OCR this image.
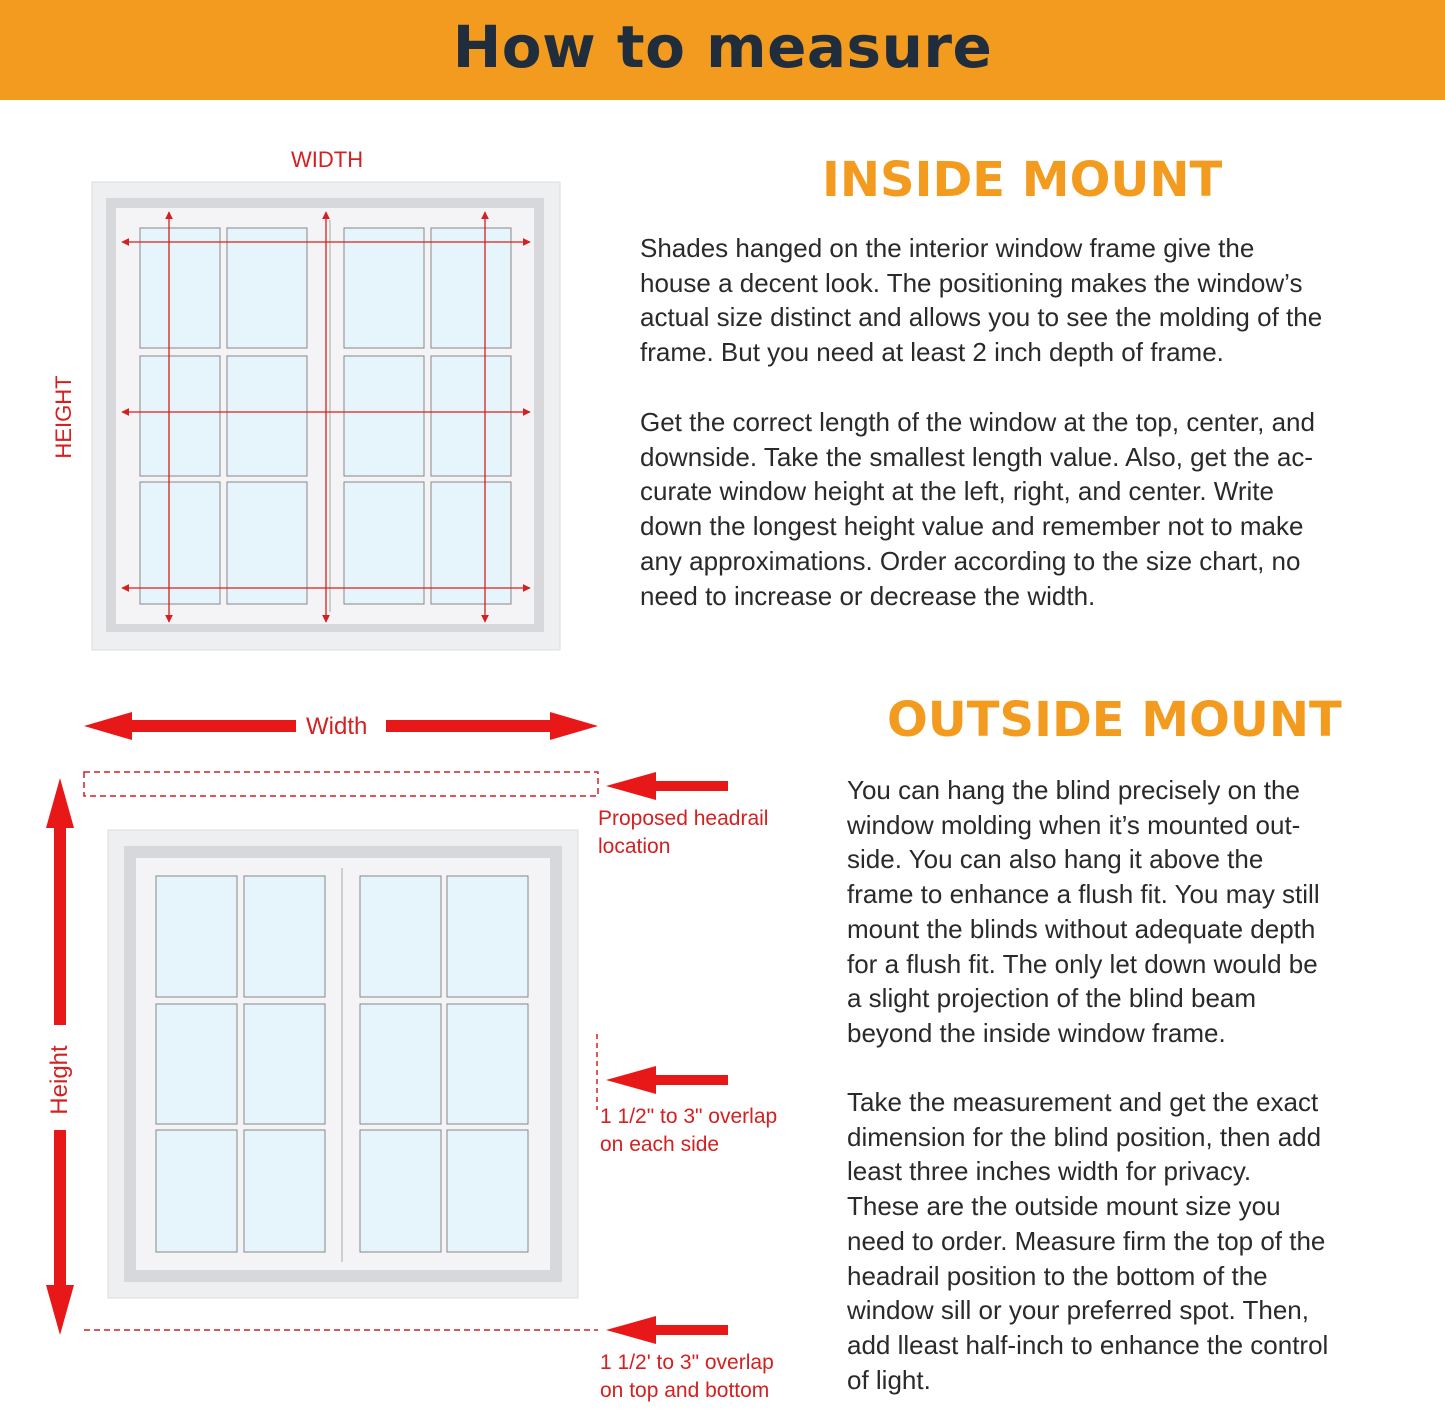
How to measure
WIDTH
HEIGHT
INSIDE MOUNT

Shades hanged on the interior window frame give the
house a decent look. The positioning makes the window’s
actual size distinct and allows you to see the molding of the
frame. But you need at least 2 inch depth of frame.

Get the correct length of the window at the top, center, and
downside. Take the smallest length value. Also, get the ac-
curate window height at the left, right, and center. Write
down the longest height value and remember not to make
any approximations. Order according to the size chart, no
need to increase or decrease the width.

Width
Height
Proposed headrail
location
1 1/2" to 3" overlap
on each side
1 1/2' to 3" overlap
on top and bottom
OUTSIDE MOUNT

You can hang the blind precisely on the
window molding when it’s mounted out-
side. You can also hang it above the
frame to enhance a flush fit. You may still
mount the blinds without adequate depth
for a flush fit. The only let down would be
a slight projection of the blind beam
beyond the inside window frame.

Take the measurement and get the exact
dimension for the blind position, then add
least three inches width for privacy.
These are the outside mount size you
need to order. Measure firm the top of the
headrail position to the bottom of the
window sill or your preferred spot. Then,
add lleast half-inch to enhance the control
of light.
